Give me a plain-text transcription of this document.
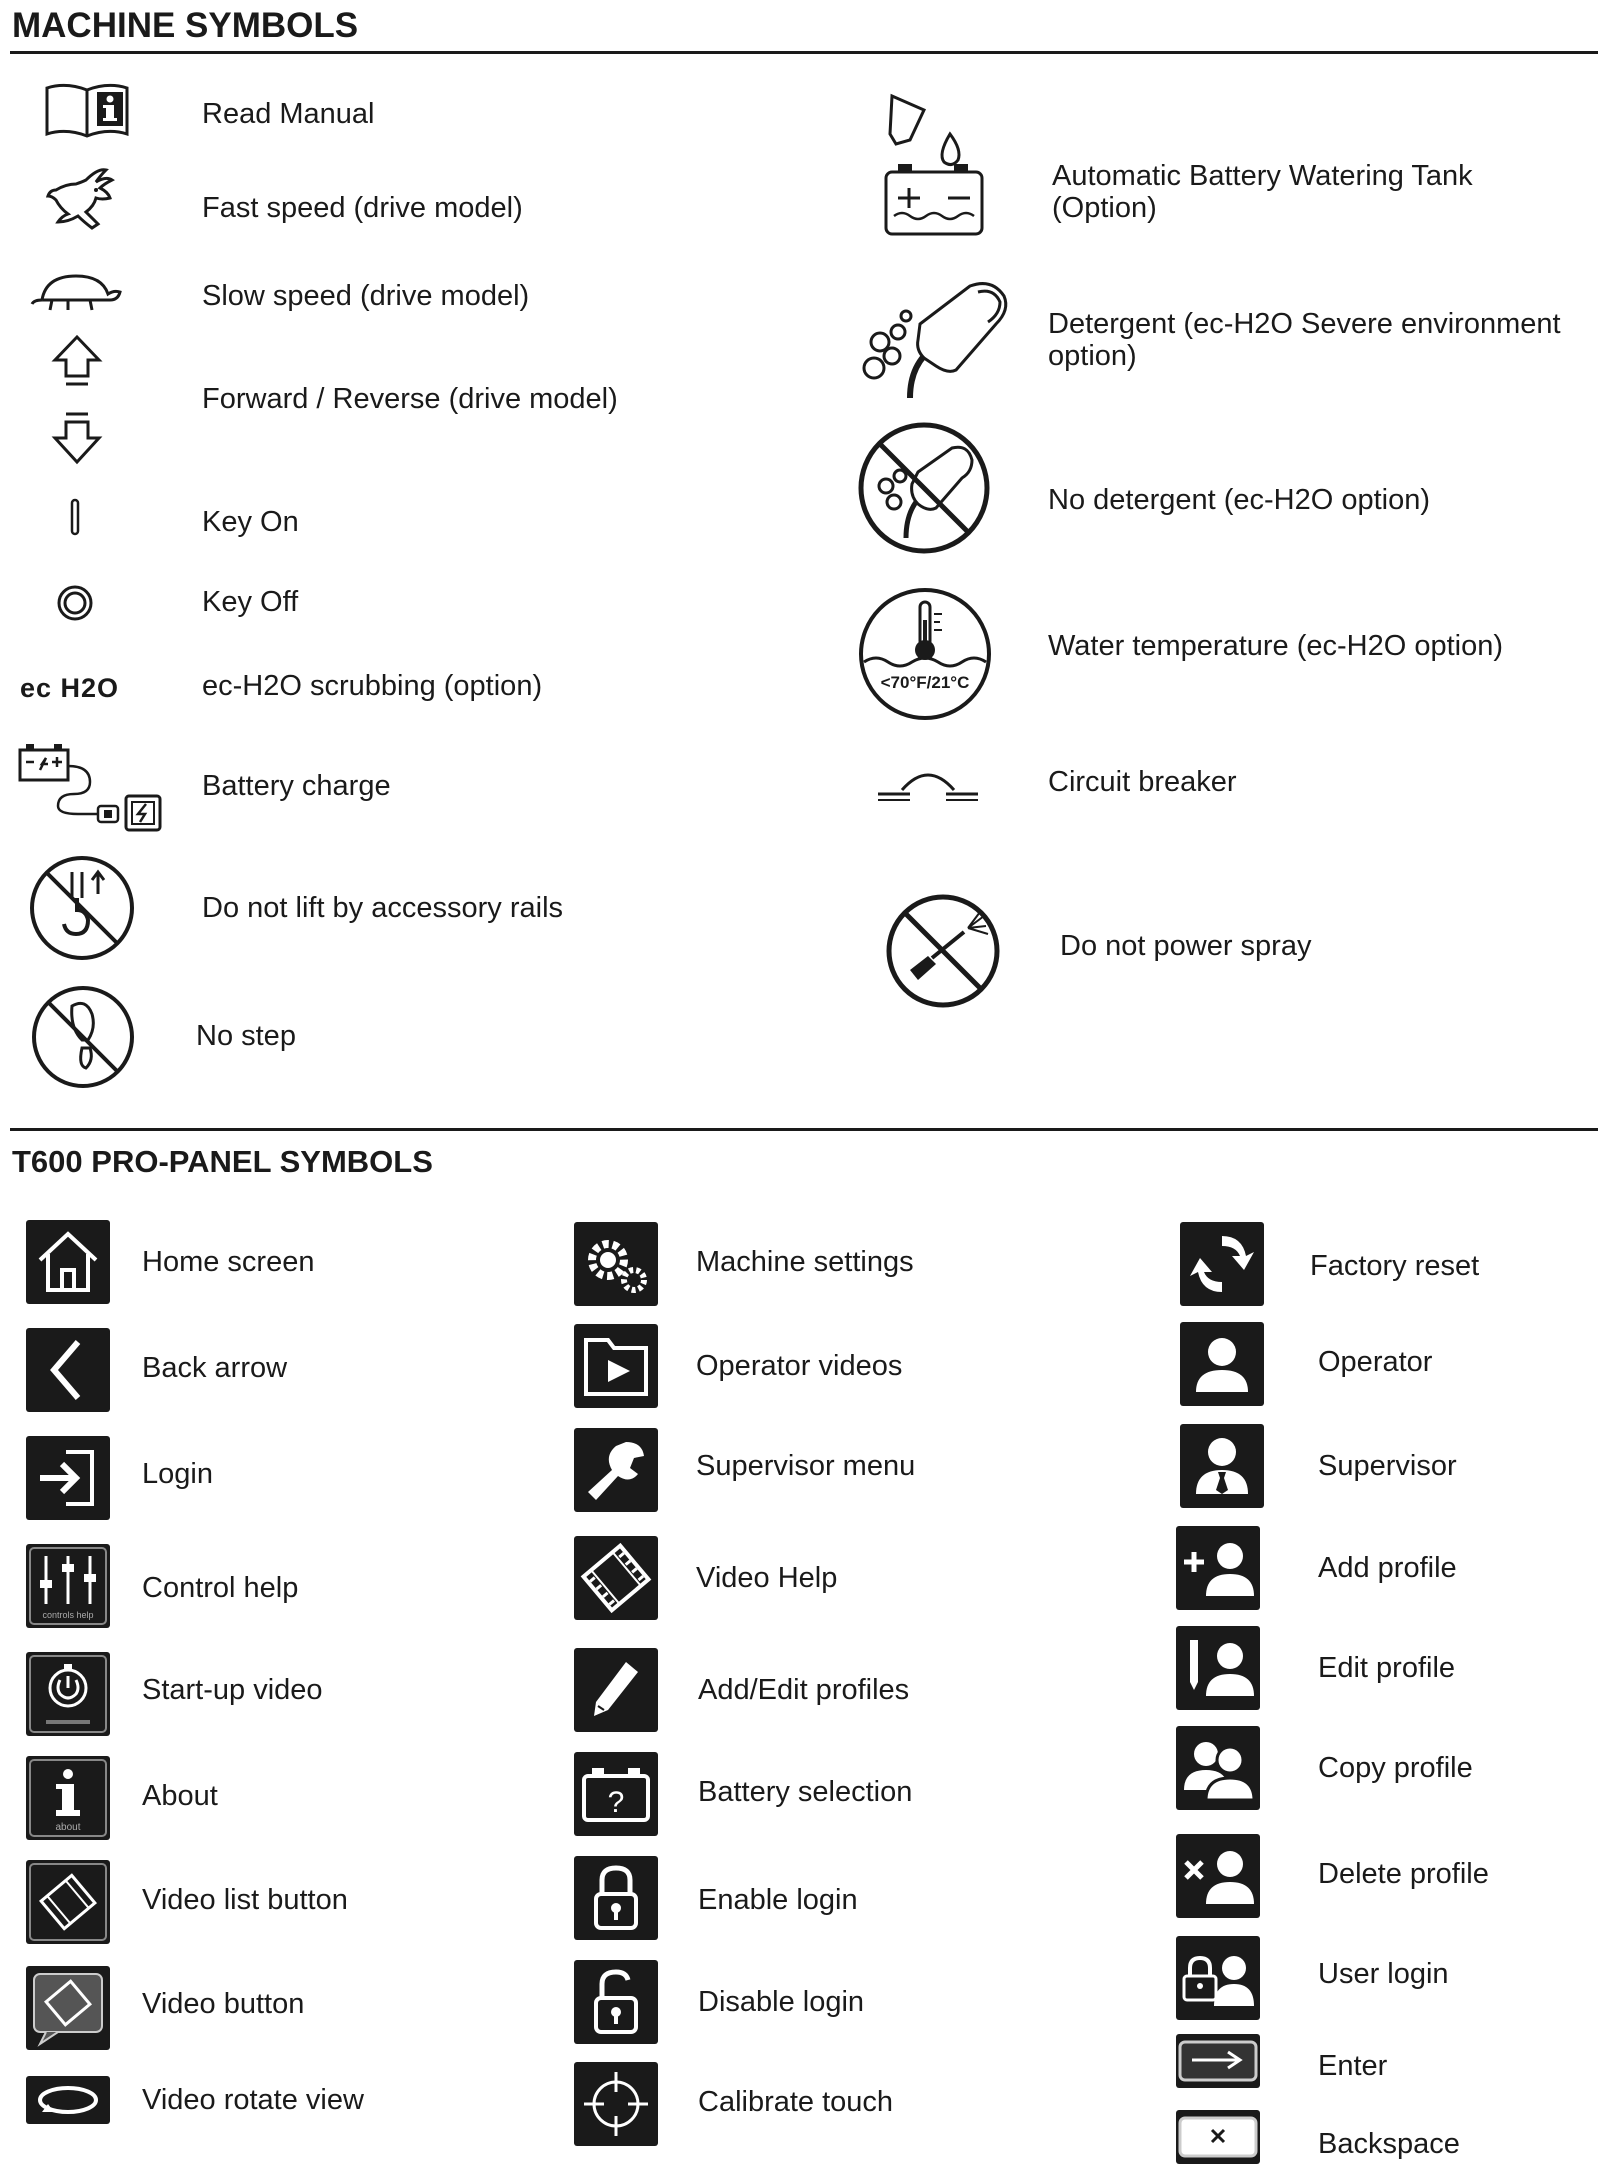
MACHINE SYMBOLS
Read Manual
Fast speed (drive model)
Slow speed (drive model)
Forward / Reverse (drive model)
Key On
Key Off
ec H2O	ec-H2O scrubbing (option)
Battery charge
Do not lift by accessory rails
No step
Automatic Battery Watering Tank
(Option)
Detergent (ec-H2O Severe environment
option)
No detergent (ec-H2O option)
<70°F/21°C
Water temperature (ec-H2O option)
Circuit breaker
Do not power spray
T600 PRO-PANEL SYMBOLS
Home screen
Back arrow
Login
controls help
Control help
Start-up video
about
About
Video list button
Video button
Video rotate view
Machine settings
Operator videos
Supervisor menu
Video Help
Add/Edit profiles
?	Battery selection
Enable login
Disable login
Calibrate touch
Factory reset
Operator
Supervisor
Add profile
Edit profile
Copy profile
Delete profile
User login
Enter
Backspace
